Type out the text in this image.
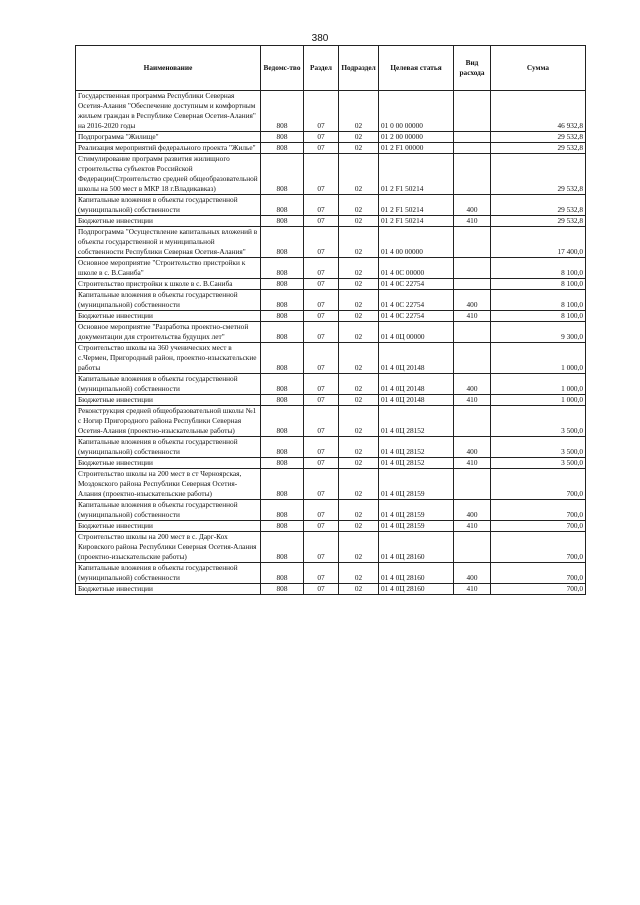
380
Наименование	Ведомс-тво	Раздел	Подраздел	Целевая статья	Вид расхода	Сумма
Государственная программа Республики Северная Осетия-Алания "Обеспечение доступным и комфортным жильем граждан в Республике Северная Осетия-Алания" на 2016-2020 годы	808	07	02	01 0 00 00000		46 932,8
Подпрограмма "Жилище"	808	07	02	01 2 00 00000		29 532,8
Реализация мероприятий федерального проекта "Жилье"	808	07	02	01 2 F1 00000		29 532,8
Стимулирование программ развития жилищного строительства субъектов Российской Федерации(Строительство средней общеобразовательной школы на 500 мест в МКР 18 г.Владикавказ)	808	07	02	01 2 F1 50214		29 532,8
Капитальные вложения в объекты государственной (муниципальной) собственности	808	07	02	01 2 F1 50214	400	29 532,8
Бюджетные инвестиции	808	07	02	01 2 F1 50214	410	29 532,8
Подпрограмма "Осуществление капитальных вложений в объекты государственной и муниципальной собственности Республики Северная Осетия-Алания"	808	07	02	01 4 00 00000		17 400,0
Основное мероприятие "Строительство пристройки к школе в с. В.Санибa"	808	07	02	01 4 0С 00000		8 100,0
Строительство пристройки к школе в с. В.Саниба	808	07	02	01 4 0С 22754		8 100,0
Капитальные вложения в объекты государственной (муниципальной) собственности	808	07	02	01 4 0С 22754	400	8 100,0
Бюджетные инвестиции	808	07	02	01 4 0С 22754	410	8 100,0
Основное мероприятие "Разработка проектно-сметной документации для строительства будущих лет"	808	07	02	01 4 0Ц 00000		9 300,0
Строительство школы на 360 ученических мест в с.Чермен, Пригородный район, проектно-изыскательские работы	808	07	02	01 4 0Ц 20148		1 000,0
Капитальные вложения в объекты государственной (муниципальной) собственности	808	07	02	01 4 0Ц 20148	400	1 000,0
Бюджетные инвестиции	808	07	02	01 4 0Ц 20148	410	1 000,0
Реконструкция средней общеобразовательной школы №1 с Ногир Пригородного района Республики Северная Осетия-Алания (проектно-изыскательные работы)	808	07	02	01 4 0Ц 28152		3 500,0
Капитальные вложения в объекты государственной (муниципальной) собственности	808	07	02	01 4 0Ц 28152	400	3 500,0
Бюджетные инвестиции	808	07	02	01 4 0Ц 28152	410	3 500,0
Строительство школы на 200 мест в ст Черноярская, Моздокского района Республики Северная Осетия-Алания (проектно-изыскательские работы)	808	07	02	01 4 0Ц 28159		700,0
Капитальные вложения в объекты государственной (муниципальной) собственности	808	07	02	01 4 0Ц 28159	400	700,0
Бюджетные инвестиции	808	07	02	01 4 0Ц 28159	410	700,0
Строительство школы на 200 мест в с. Дарг-Кох Кировского района Республики Северная Осетия-Алания (проектно-изыскательские работы)	808	07	02	01 4 0Ц 28160		700,0
Капитальные вложения в объекты государственной (муниципальной) собственности	808	07	02	01 4 0Ц 28160	400	700,0
Бюджетные инвестиции	808	07	02	01 4 0Ц 28160	410	700,0
